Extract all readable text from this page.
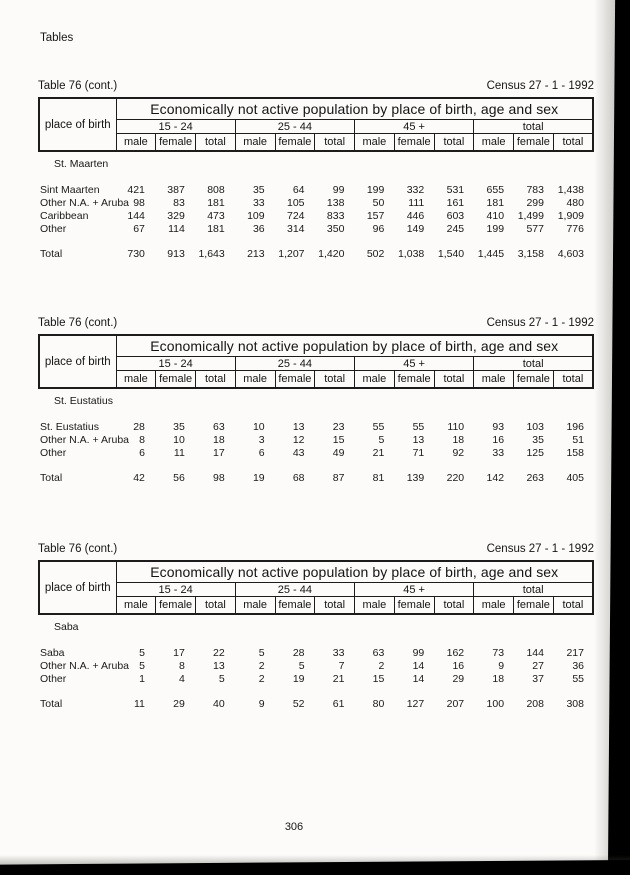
Tables
Table 76 (cont.)	Census 27 - 1 - 1992
place of birth	Economically not active population by place of birth, age and sex											
	15 - 24			25 - 44			45 +			total		
	male	female	total	male	female	total	male	female	total	male	female	total
St. Maarten
Sint Maarten	421	387	808	35	64	99	199	332	531	655	783	1,438
Other N.A. + Aruba	98	83	181	33	105	138	50	111	161	181	299	480
Caribbean	144	329	473	109	724	833	157	446	603	410	1,499	1,909
Other	67	114	181	36	314	350	96	149	245	199	577	776

Total	730	913	1,643	213	1,207	1,420	502	1,038	1,540	1,445	3,158	4,603
Table 76 (cont.)	Census 27 - 1 - 1992
place of birth	Economically not active population by place of birth, age and sex											
	15 - 24			25 - 44			45 +			total		
	male	female	total	male	female	total	male	female	total	male	female	total
St. Eustatius
St. Eustatius	28	35	63	10	13	23	55	55	110	93	103	196
Other N.A. + Aruba	8	10	18	3	12	15	5	13	18	16	35	51
Other	6	11	17	6	43	49	21	71	92	33	125	158

Total	42	56	98	19	68	87	81	139	220	142	263	405
Table 76 (cont.)	Census 27 - 1 - 1992
place of birth	Economically not active population by place of birth, age and sex											
	15 - 24			25 - 44			45 +			total		
	male	female	total	male	female	total	male	female	total	male	female	total
Saba
Saba	5	17	22	5	28	33	63	99	162	73	144	217
Other N.A. + Aruba	5	8	13	2	5	7	2	14	16	9	27	36
Other	1	4	5	2	19	21	15	14	29	18	37	55

Total	11	29	40	9	52	61	80	127	207	100	208	308
306
